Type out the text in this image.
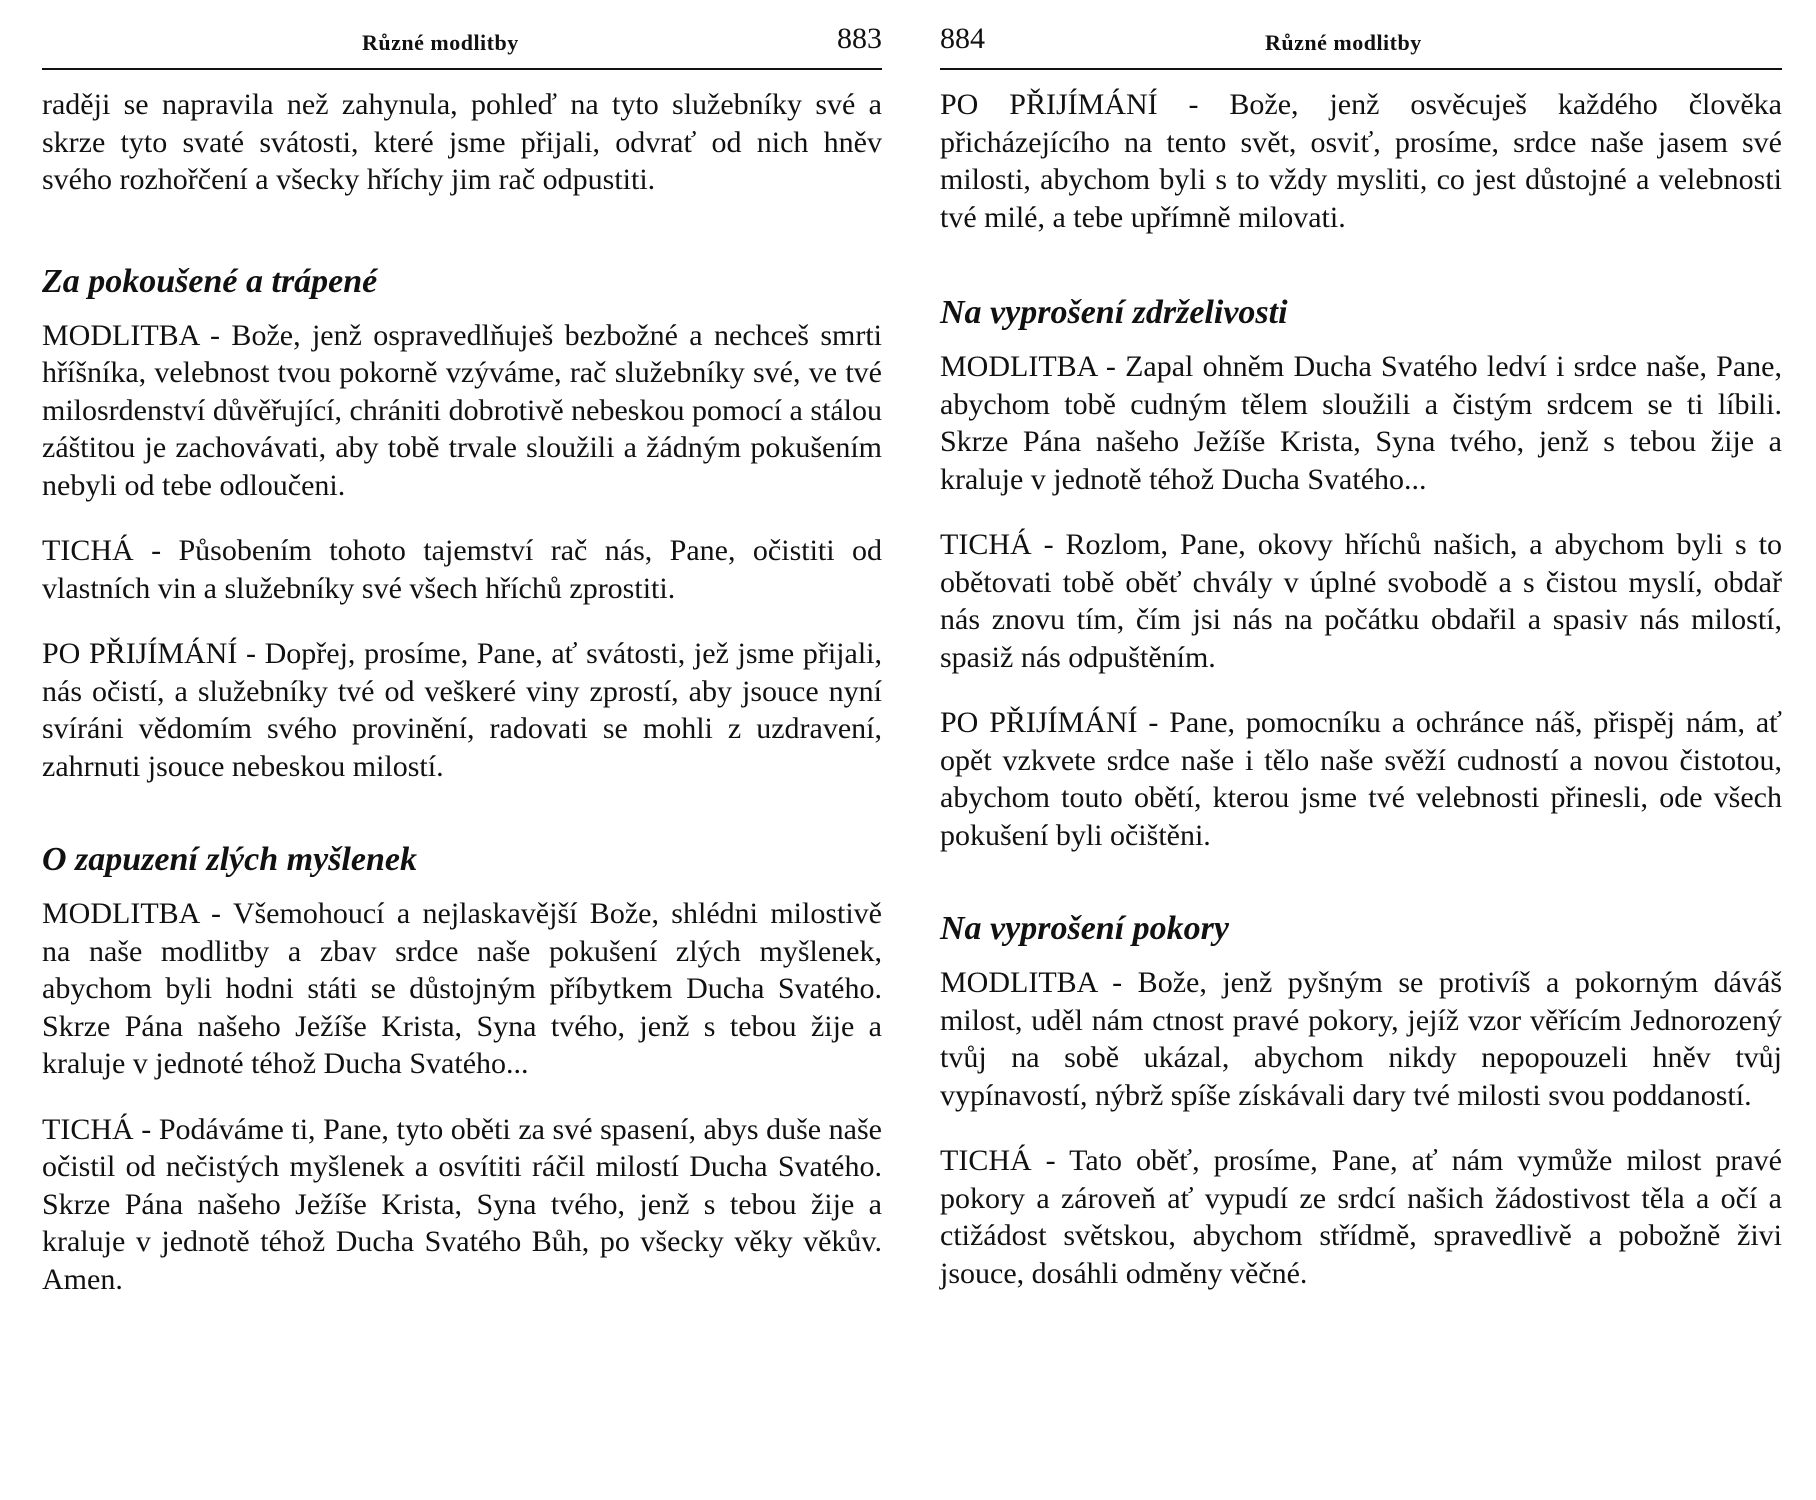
Různé modlitby	883

raději se napravila než zahynula, pohleď na tyto služebníky své a skrze tyto svaté svátosti, které jsme přijali, odvrať od nich hněv svého rozhořčení a všecky hříchy jim rač odpustiti.

Za pokoušené a trápené

MODLITBA - Bože, jenž ospravedlňuješ bezbožné a nechceš smrti hříšníka, velebnost tvou pokorně vzýváme, rač služebníky své, ve tvé milosrdenství důvěřující, chrániti dobrotivě nebeskou pomocí a stálou záštitou je zachovávati, aby tobě trvale sloužili a žádným pokušením nebyli od tebe odloučeni.

TICHÁ - Působením tohoto tajemství rač nás, Pane, očistiti od vlastních vin a služebníky své všech hříchů zprostiti.

PO PŘIJÍMÁNÍ - Dopřej, prosíme, Pane, ať svátosti, jež jsme přijali, nás očistí, a služebníky tvé od veškeré viny zprostí, aby jsouce nyní svíráni vědomím svého provinění, radovati se mohli z uzdravení, zahrnuti jsouce nebeskou milostí.

O zapuzení zlých myšlenek

MODLITBA - Všemohoucí a nejlaskavější Bože, shlédni milostivě na naše modlitby a zbav srdce naše pokušení zlých myšlenek, abychom byli hodni státi se důstojným příbytkem Ducha Svatého. Skrze Pána našeho Ježíše Krista, Syna tvého, jenž s tebou žije a kraluje v jednoté téhož Ducha Svatého...

TICHÁ - Podáváme ti, Pane, tyto oběti za své spasení, abys duše naše očistil od nečistých myšlenek a osvítiti ráčil milostí Ducha Svatého. Skrze Pána našeho Ježíše Krista, Syna tvého, jenž s tebou žije a kraluje v jednotě téhož Ducha Svatého Bůh, po všecky věky věkův. Amen.

884	Různé modlitby

PO PŘIJÍMÁNÍ - Bože, jenž osvěcuješ každého člověka přicházejícího na tento svět, osviť, prosíme, srdce naše jasem své milosti, abychom byli s to vždy mysliti, co jest důstojné a velebnosti tvé milé, a tebe upřímně milovati.

Na vyprošení zdrželivosti

MODLITBA - Zapal ohněm Ducha Svatého ledví i srdce naše, Pane, abychom tobě cudným tělem sloužili a čistým srdcem se ti líbili. Skrze Pána našeho Ježíše Krista, Syna tvého, jenž s tebou žije a kraluje v jednotě téhož Ducha Svatého...

TICHÁ - Rozlom, Pane, okovy hříchů našich, a abychom byli s to obětovati tobě oběť chvály v úplné svobodě a s čistou myslí, obdař nás znovu tím, čím jsi nás na počátku obdařil a spasiv nás milostí, spasiž nás odpuštěním.

PO PŘIJÍMÁNÍ - Pane, pomocníku a ochránce náš, přispěj nám, ať opět vzkvete srdce naše i tělo naše svěží cudností a novou čistotou, abychom touto obětí, kterou jsme tvé velebnosti přinesli, ode všech pokušení byli očištěni.

Na vyprošení pokory

MODLITBA - Bože, jenž pyšným se protivíš a pokorným dáváš milost, uděl nám ctnost pravé pokory, jejíž vzor věřícím Jednorozený tvůj na sobě ukázal, abychom nikdy nepopouzeli hněv tvůj vypínavostí, nýbrž spíše získávali dary tvé milosti svou poddaností.

TICHÁ - Tato oběť, prosíme, Pane, ať nám vymůže milost pravé pokory a zároveň ať vypudí ze srdcí našich žádostivost těla a očí a ctižádost světskou, abychom střídmě, spravedlivě a pobožně živi jsouce, dosáhli odměny věčné.
